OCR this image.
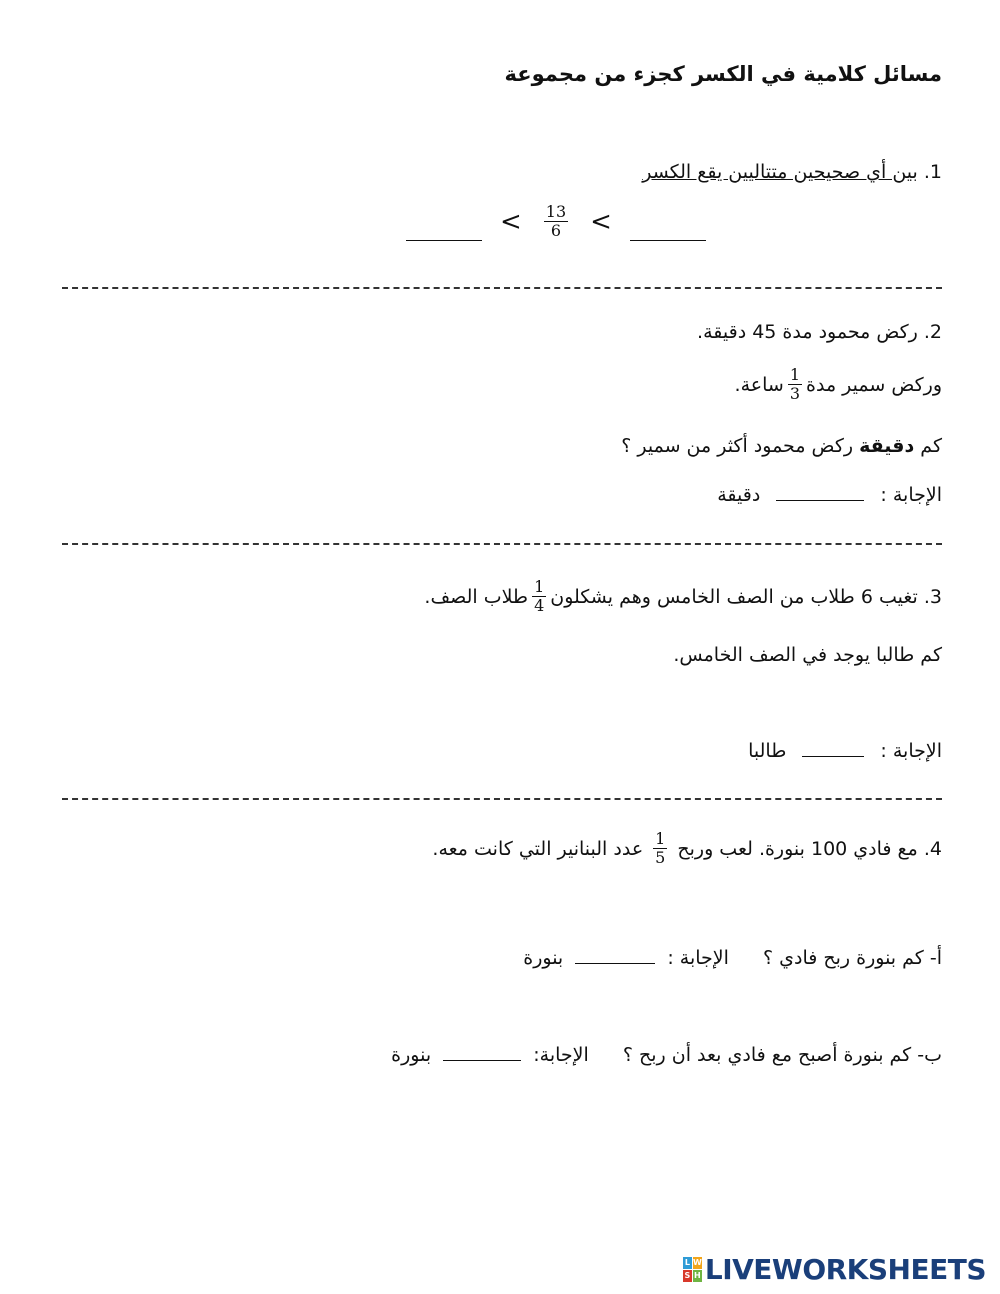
مسائل كلامية في الكسر كجزء من مجموعة
1. بين أي صحيحين متتاليين يقع الكسر
< $\frac{13}{6}$ <
2. ركض محمود مدة 45 دقيقة.
وركض سمير مدة
$\frac{1}{3}$
ساعة.
كم دقيقة ركض محمود أكثر من سمير ؟
الإجابة :  دقيقة
3. تغيب 6 طلاب من الصف الخامس وهم يشكلون
$\frac{1}{4}$
طلاب الصف.
كم طالبا يوجد في الصف الخامس.
الإجابة :  طالبا
4. مع فادي 100 بنورة. لعب وربح
$\frac{1}{5}$
عدد البنانير التي كانت معه.
أ- كم بنورة ربح فادي ؟  الإجابة :  بنورة
ب- كم بنورة أصبح مع فادي بعد أن ربح ؟  الإجابة:  بنورة
L W
S H LIVEWORKSHEETS
